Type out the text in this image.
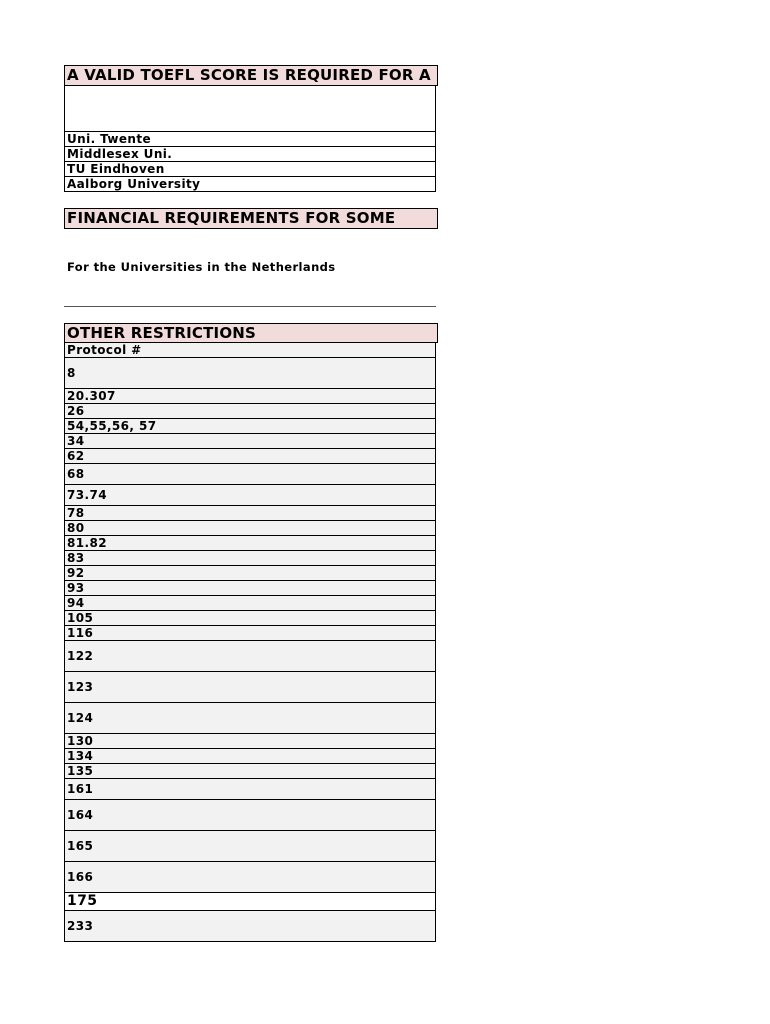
A VALID TOEFL SCORE IS REQUIRED FOR A

Uni. Twente
Middlesex Uni.
TU Eindhoven
Aalborg University
FINANCIAL REQUIREMENTS FOR SOME
For the Universities in the Netherlands
OTHER RESTRICTIONS
Protocol #
8
20.307
26
54,55,56, 57
34
62
68
73.74
78
80
81.82
83
92
93
94
105
116
122
123
124
130
134
135
161
164
165
166
175
233
